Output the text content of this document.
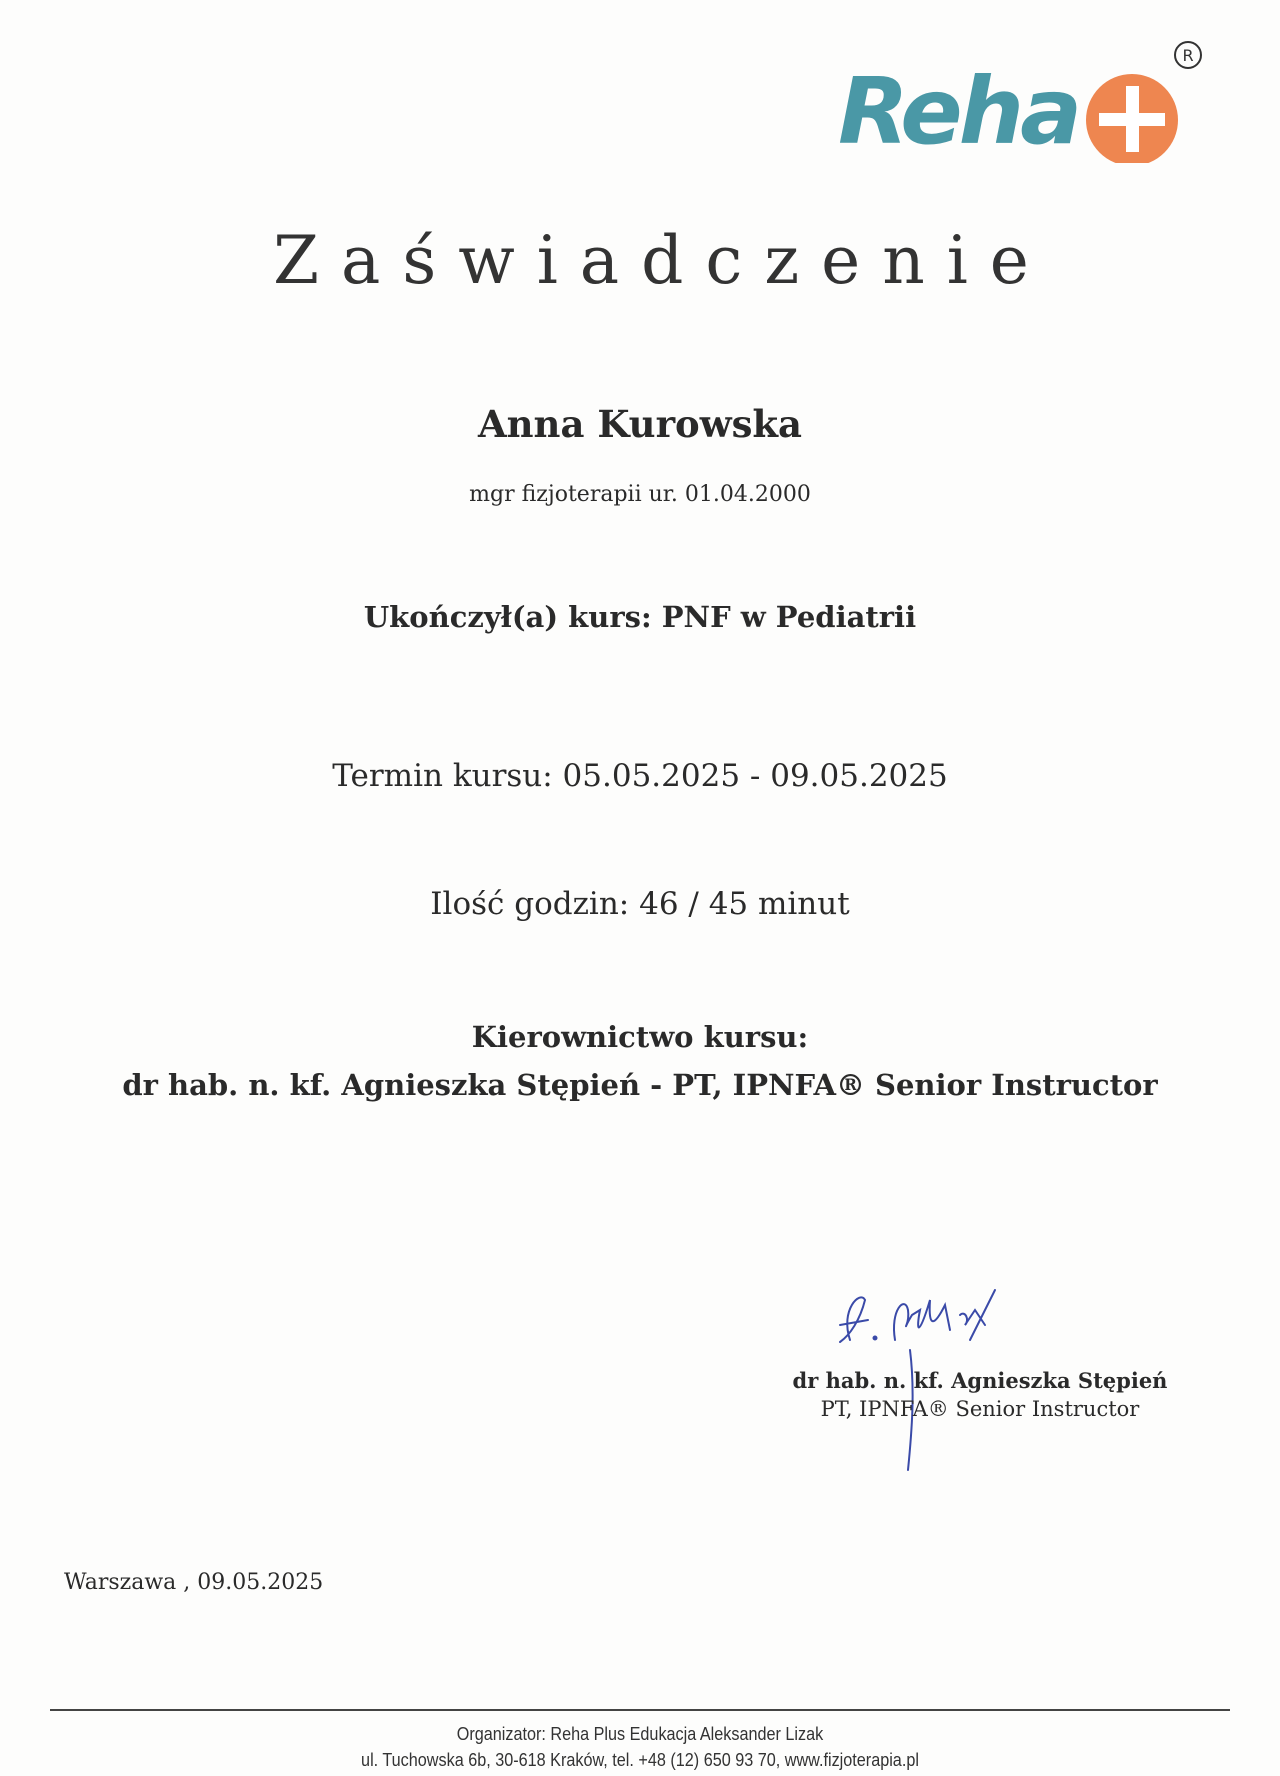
Reha
R
Zaświadczenie
Anna Kurowska
mgr fizjoterapii ur. 01.04.2000
Ukończył(a) kurs: PNF w Pediatrii
Termin kursu: 05.05.2025 - 09.05.2025
Ilość godzin: 46 / 45 minut
Kierownictwo kursu:
dr hab. n. kf. Agnieszka Stępień - PT, IPNFA® Senior Instructor
dr hab. n. kf. Agnieszka Stępień
PT, IPNFA® Senior Instructor
Warszawa , 09.05.2025
Organizator: Reha Plus Edukacja Aleksander Lizak
ul. Tuchowska 6b, 30-618 Kraków, tel. +48 (12) 650 93 70, www.fizjoterapia.pl
